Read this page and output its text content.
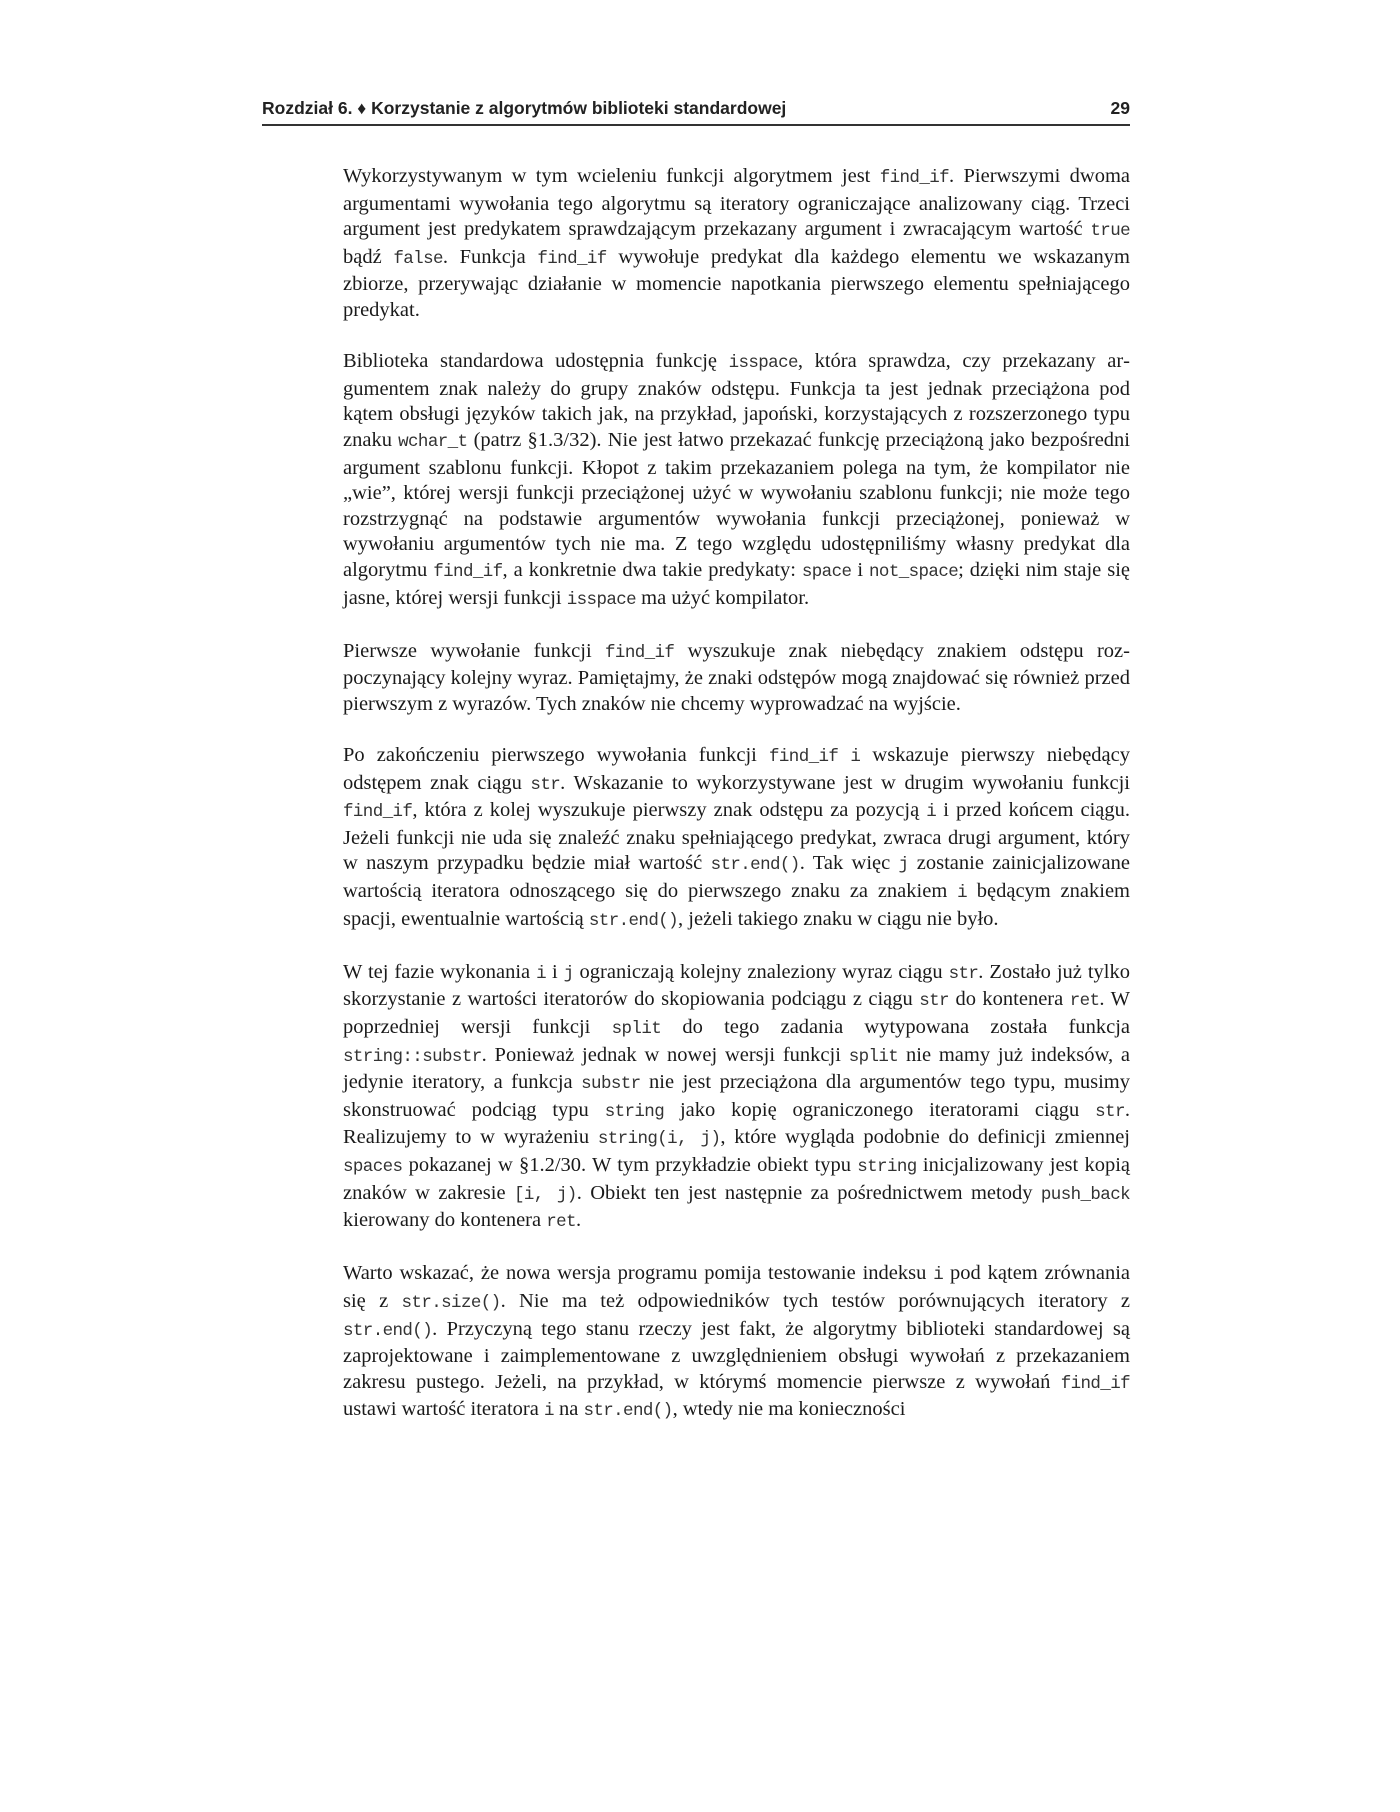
Rozdział 6. ♦ Korzystanie z algorytmów biblioteki standardowej	29

Wykorzystywanym w tym wcieleniu funkcji algorytmem jest find_if. Pierwszymi dwoma argumentami wywołania tego algorytmu są iteratory ograniczające analizowany ciąg. Trzeci argument jest predykatem sprawdzającym przekazany argument i zwracającym wartość true bądź false. Funkcja find_if wywołuje predykat dla każdego elementu we wskazanym zbiorze, przerywając działanie w momencie napotkania pierwszego elementu spełniającego predykat.

Biblioteka standardowa udostępnia funkcję isspace, która sprawdza, czy przekazany argumentem znak należy do grupy znaków odstępu. Funkcja ta jest jednak przeciążona pod kątem obsługi języków takich jak, na przykład, japoński, korzystających z rozszerzonego typu znaku wchar_t (patrz §1.3/32). Nie jest łatwo przekazać funkcję przeciążoną jako bezpośredni argument szablonu funkcji. Kłopot z takim przekazaniem polega na tym, że kompilator nie „wie”, której wersji funkcji przeciążonej użyć w wywołaniu szablonu funkcji; nie może tego rozstrzygnąć na podstawie argumentów wywołania funkcji przeciążonej, ponieważ w wywołaniu argumentów tych nie ma. Z tego względu udostępniliśmy własny predykat dla algorytmu find_if, a konkretnie dwa takie predykaty: space i not_space; dzięki nim staje się jasne, której wersji funkcji isspace ma użyć kompilator.

Pierwsze wywołanie funkcji find_if wyszukuje znak niebędący znakiem odstępu rozpoczynający kolejny wyraz. Pamiętajmy, że znaki odstępów mogą znajdować się również przed pierwszym z wyrazów. Tych znaków nie chcemy wyprowadzać na wyjście.

Po zakończeniu pierwszego wywołania funkcji find_if i wskazuje pierwszy niebędący odstępem znak ciągu str. Wskazanie to wykorzystywane jest w drugim wywołaniu funkcji find_if, która z kolej wyszukuje pierwszy znak odstępu za pozycją i i przed końcem ciągu. Jeżeli funkcji nie uda się znaleźć znaku spełniającego predykat, zwraca drugi argument, który w naszym przypadku będzie miał wartość str.end(). Tak więc j zostanie zainicjalizowane wartością iteratora odnoszącego się do pierwszego znaku za znakiem i będącym znakiem spacji, ewentualnie wartością str.end(), jeżeli takiego znaku w ciągu nie było.

W tej fazie wykonania i i j ograniczają kolejny znaleziony wyraz ciągu str. Zostało już tylko skorzystanie z wartości iteratorów do skopiowania podciągu z ciągu str do kontenera ret. W poprzedniej wersji funkcji split do tego zadania wytypowana została funkcja string::substr. Ponieważ jednak w nowej wersji funkcji split nie mamy już indeksów, a jedynie iteratory, a funkcja substr nie jest przeciążona dla argumentów tego typu, musimy skonstruować podciąg typu string jako kopię ograniczonego iteratorami ciągu str. Realizujemy to w wyrażeniu string(i, j), które wygląda podobnie do definicji zmiennej spaces pokazanej w §1.2/30. W tym przykładzie obiekt typu string inicjalizowany jest kopią znaków w zakresie [i, j). Obiekt ten jest następnie za pośrednictwem metody push_back kierowany do kontenera ret.

Warto wskazać, że nowa wersja programu pomija testowanie indeksu i pod kątem zrównania się z str.size(). Nie ma też odpowiedników tych testów porównujących iteratory z str.end(). Przyczyną tego stanu rzeczy jest fakt, że algorytmy biblioteki standardowej są zaprojektowane i zaimplementowane z uwzględnieniem obsługi wywołań z przekazaniem zakresu pustego. Jeżeli, na przykład, w którymś momencie pierwsze z wywołań find_if ustawi wartość iteratora i na str.end(), wtedy nie ma konieczności
